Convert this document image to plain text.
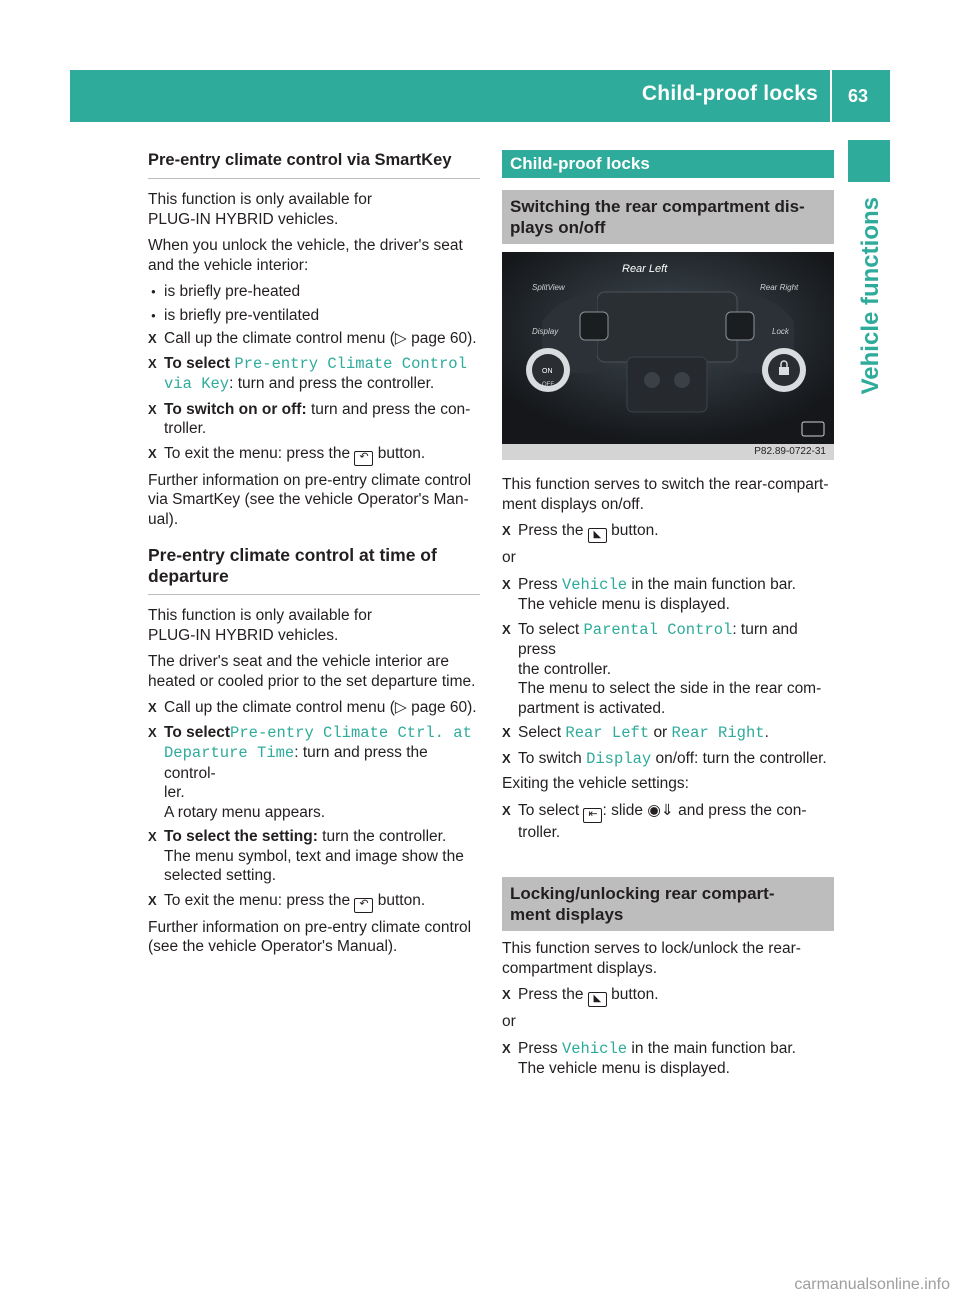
Child-proof locks 63
Vehicle functions
Pre-entry climate control via SmartKey

This function is only available for
PLUG-IN HYBRID vehicles.

When you unlock the vehicle, the driver's seat
and the vehicle interior:

● is briefly pre-heated
● is briefly pre-ventilated
X Call up the climate control menu (▷ page 60).
X To select Pre-entry Climate Control
via Key: turn and press the controller.
X To switch on or off: turn and press the con-
troller.
X To exit the menu: press the ↶ button.

Further information on pre-entry climate control
via SmartKey (see the vehicle Operator's Man-
ual).

Pre-entry climate control at time of
departure

This function is only available for
PLUG-IN HYBRID vehicles.

The driver's seat and the vehicle interior are
heated or cooled prior to the set departure time.

X Call up the climate control menu (▷ page 60).
X To selectPre-entry Climate Ctrl. at
Departure Time: turn and press the control-
ler.
A rotary menu appears.
X To select the setting: turn the controller.
The menu symbol, text and image show the
selected setting.
X To exit the menu: press the ↶ button.

Further information on pre-entry climate control
(see the vehicle Operator's Manual).

Child-proof locks
Switching the rear compartment dis-
plays on/off
Rear Left
SplitView	Rear Right
Display	Lock
ON
OFF
P82.89-0722-31

This function serves to switch the rear-compart-
ment displays on/off.

X Press the ◣ button.

or

X Press Vehicle in the main function bar.
The vehicle menu is displayed.
X To select Parental Control: turn and press
the controller.
The menu to select the side in the rear com-
partment is activated.
X Select Rear Left or Rear Right.
X To switch Display on/off: turn the controller.

Exiting the vehicle settings:

X To select ⇤ : slide ◉⇓ and press the con-
troller.
Locking/unlocking rear compart-
ment displays

This function serves to lock/unlock the rear-
compartment displays.

X Press the ◣ button.

or

X Press Vehicle in the main function bar.
The vehicle menu is displayed.
carmanualsonline.info
